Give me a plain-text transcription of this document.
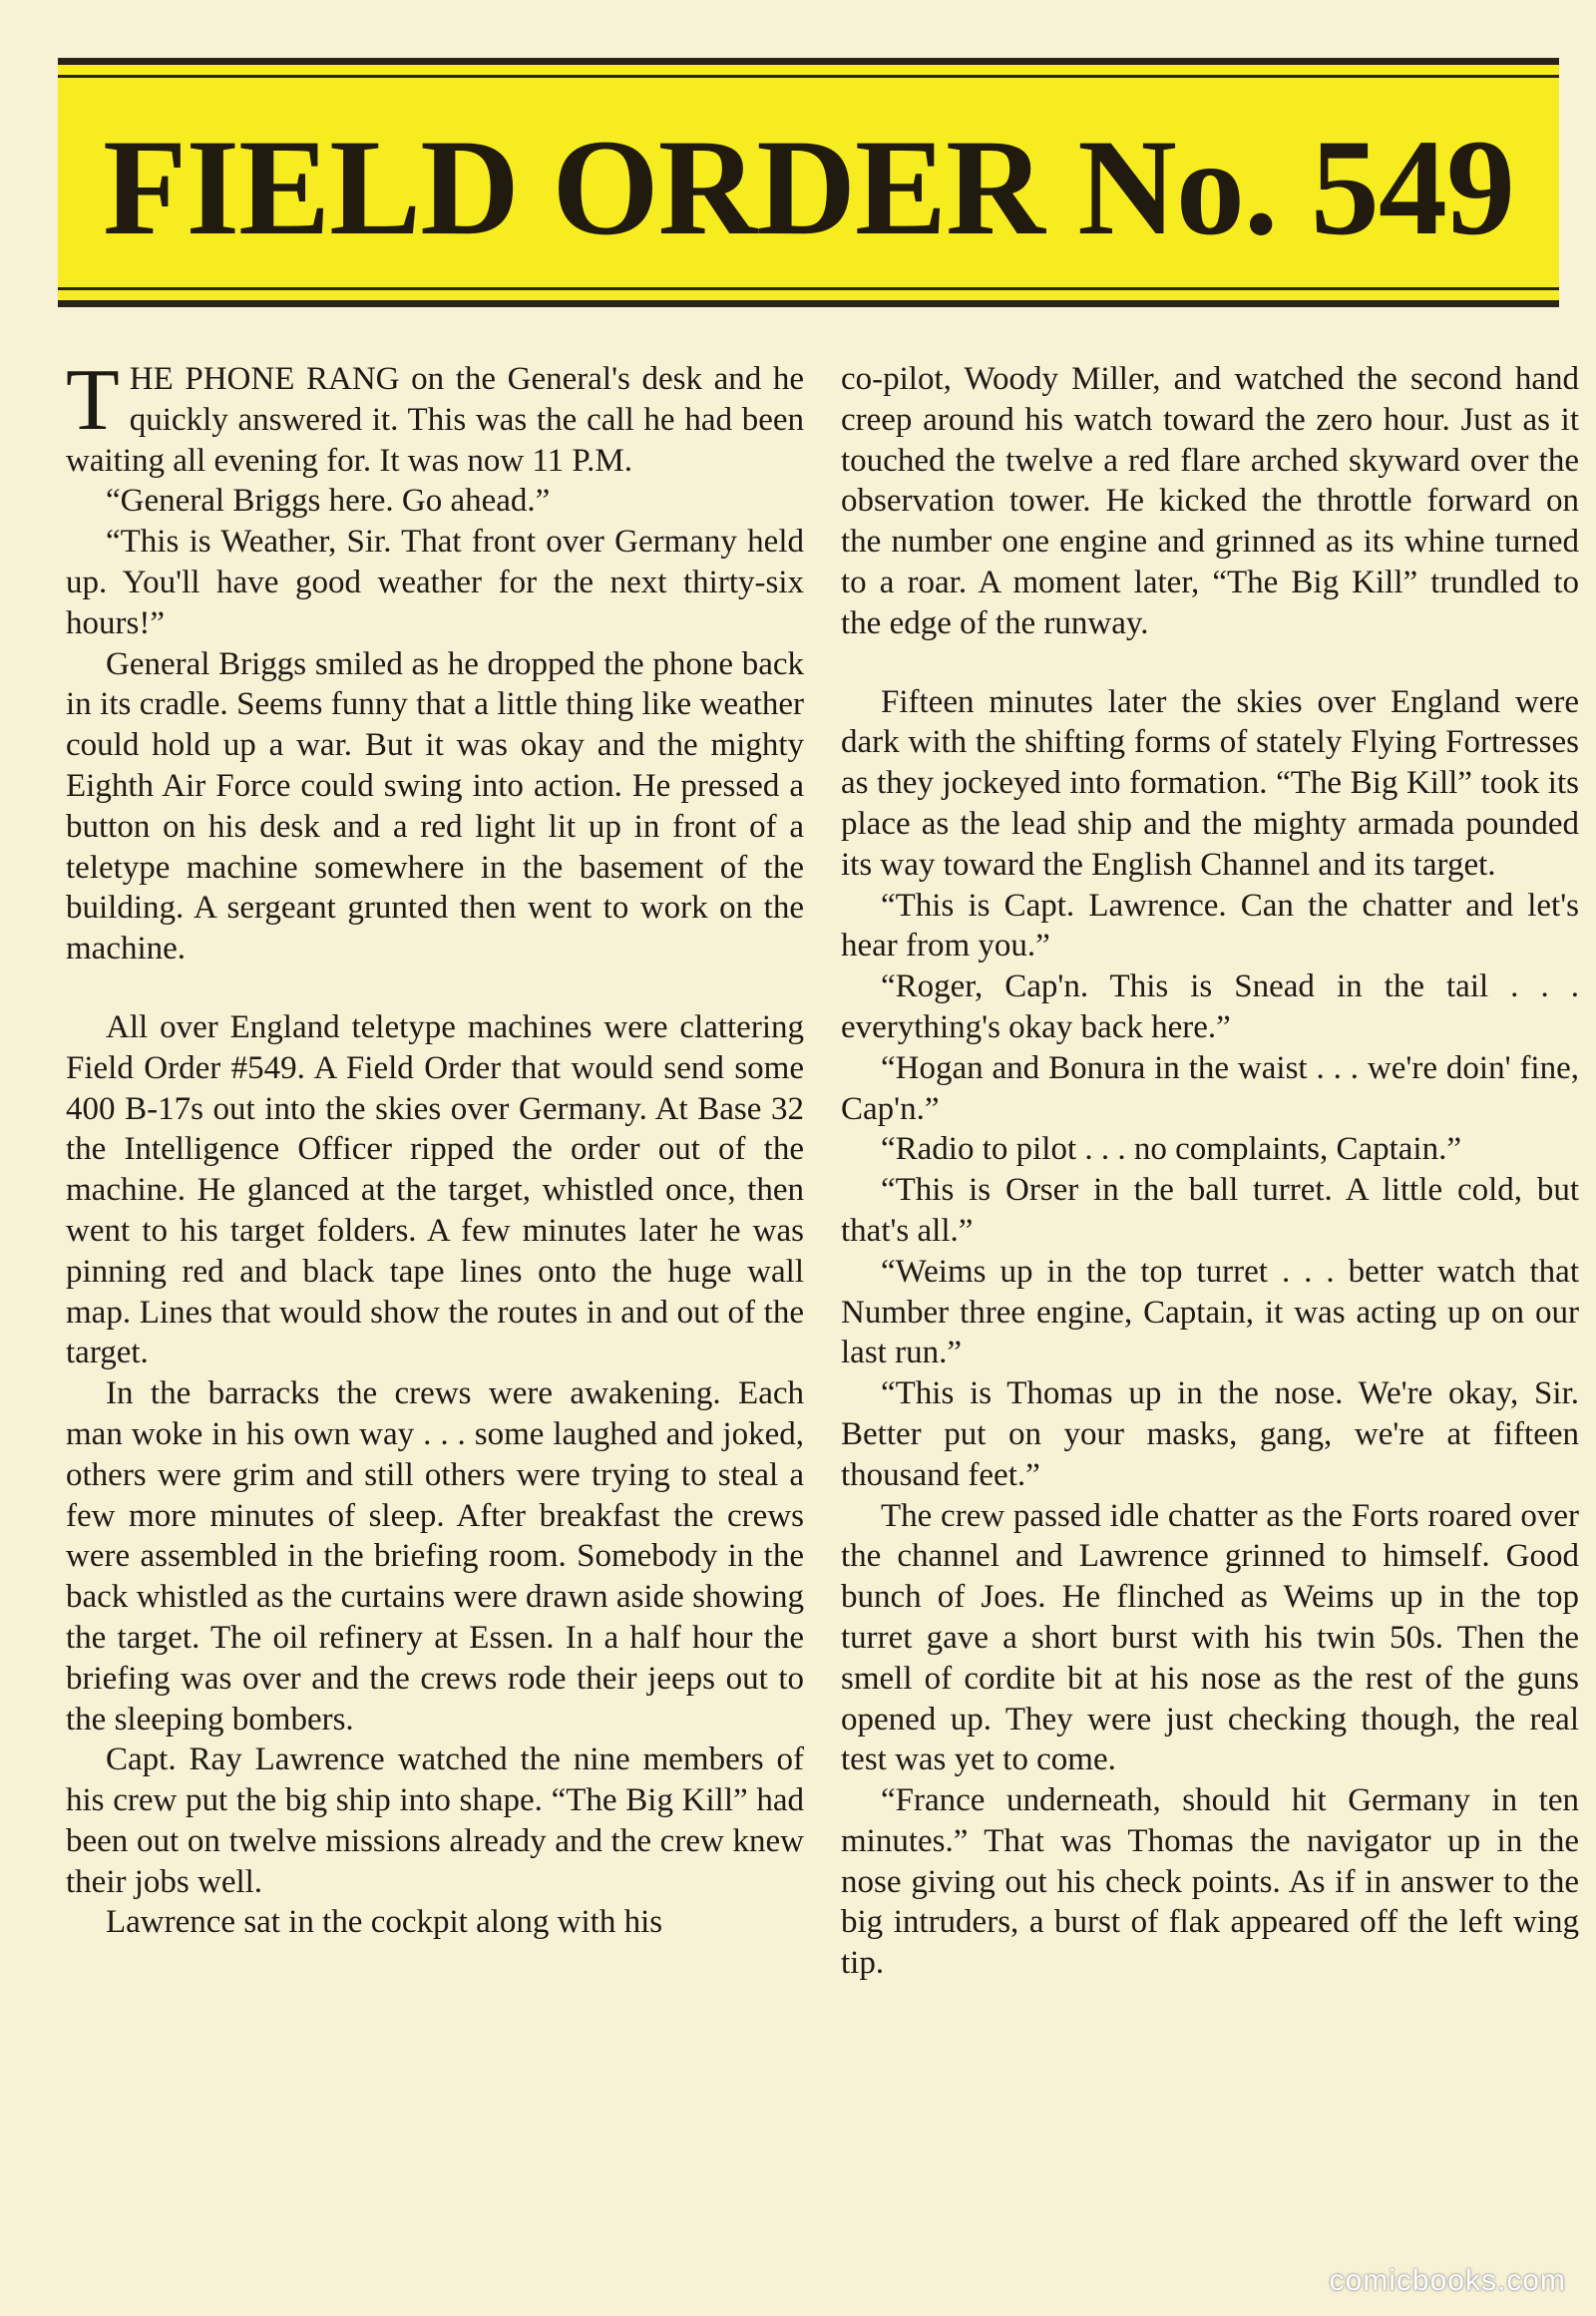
FIELD ORDER No. 549

THE PHONE RANG on the General's desk and he quickly answered it. This was the call he had been waiting all evening for. It was now 11 P.M.

“General Briggs here. Go ahead.”

“This is Weather, Sir. That front over Germany held up. You'll have good weather for the next thirty-six hours!”

General Briggs smiled as he dropped the phone back in its cradle. Seems funny that a little thing like weather could hold up a war. But it was okay and the mighty Eighth Air Force could swing into action. He pressed a button on his desk and a red light lit up in front of a teletype machine somewhere in the basement of the building. A sergeant grunted then went to work on the machine.

All over England teletype machines were clattering Field Order #549. A Field Order that would send some 400 B-17s out into the skies over Germany. At Base 32 the Intelligence Officer ripped the order out of the machine. He glanced at the target, whistled once, then went to his target folders. A few minutes later he was pinning red and black tape lines onto the huge wall map. Lines that would show the routes in and out of the target.

In the barracks the crews were awakening. Each man woke in his own way . . . some laughed and joked, others were grim and still others were trying to steal a few more minutes of sleep. After breakfast the crews were assembled in the briefing room. Somebody in the back whistled as the curtains were drawn aside showing the target. The oil refinery at Essen. In a half hour the briefing was over and the crews rode their jeeps out to the sleeping bombers.

Capt. Ray Lawrence watched the nine members of his crew put the big ship into shape. “The Big Kill” had been out on twelve missions already and the crew knew their jobs well.

Lawrence sat in the cockpit along with his

co-pilot, Woody Miller, and watched the second hand creep around his watch toward the zero hour. Just as it touched the twelve a red flare arched skyward over the observation tower. He kicked the throttle forward on the number one engine and grinned as its whine turned to a roar. A moment later, “The Big Kill” trundled to the edge of the runway.

Fifteen minutes later the skies over England were dark with the shifting forms of stately Flying Fortresses as they jockeyed into formation. “The Big Kill” took its place as the lead ship and the mighty armada pounded its way toward the English Channel and its target.

“This is Capt. Lawrence. Can the chatter and let's hear from you.”

“Roger, Cap'n. This is Snead in the tail . . . everything's okay back here.”

“Hogan and Bonura in the waist . . . we're doin' fine, Cap'n.”

“Radio to pilot . . . no complaints, Captain.”

“This is Orser in the ball turret. A little cold, but that's all.”

“Weims up in the top turret . . . better watch that Number three engine, Captain, it was acting up on our last run.”

“This is Thomas up in the nose. We're okay, Sir. Better put on your masks, gang, we're at fifteen thousand feet.”

The crew passed idle chatter as the Forts roared over the channel and Lawrence grinned to himself. Good bunch of Joes. He flinched as Weims up in the top turret gave a short burst with his twin 50s. Then the smell of cordite bit at his nose as the rest of the guns opened up. They were just checking though, the real test was yet to come.

“France underneath, should hit Germany in ten minutes.” That was Thomas the navigator up in the nose giving out his check points. As if in answer to the big intruders, a burst of flak appeared off the left wing tip.

comicbooks.com
